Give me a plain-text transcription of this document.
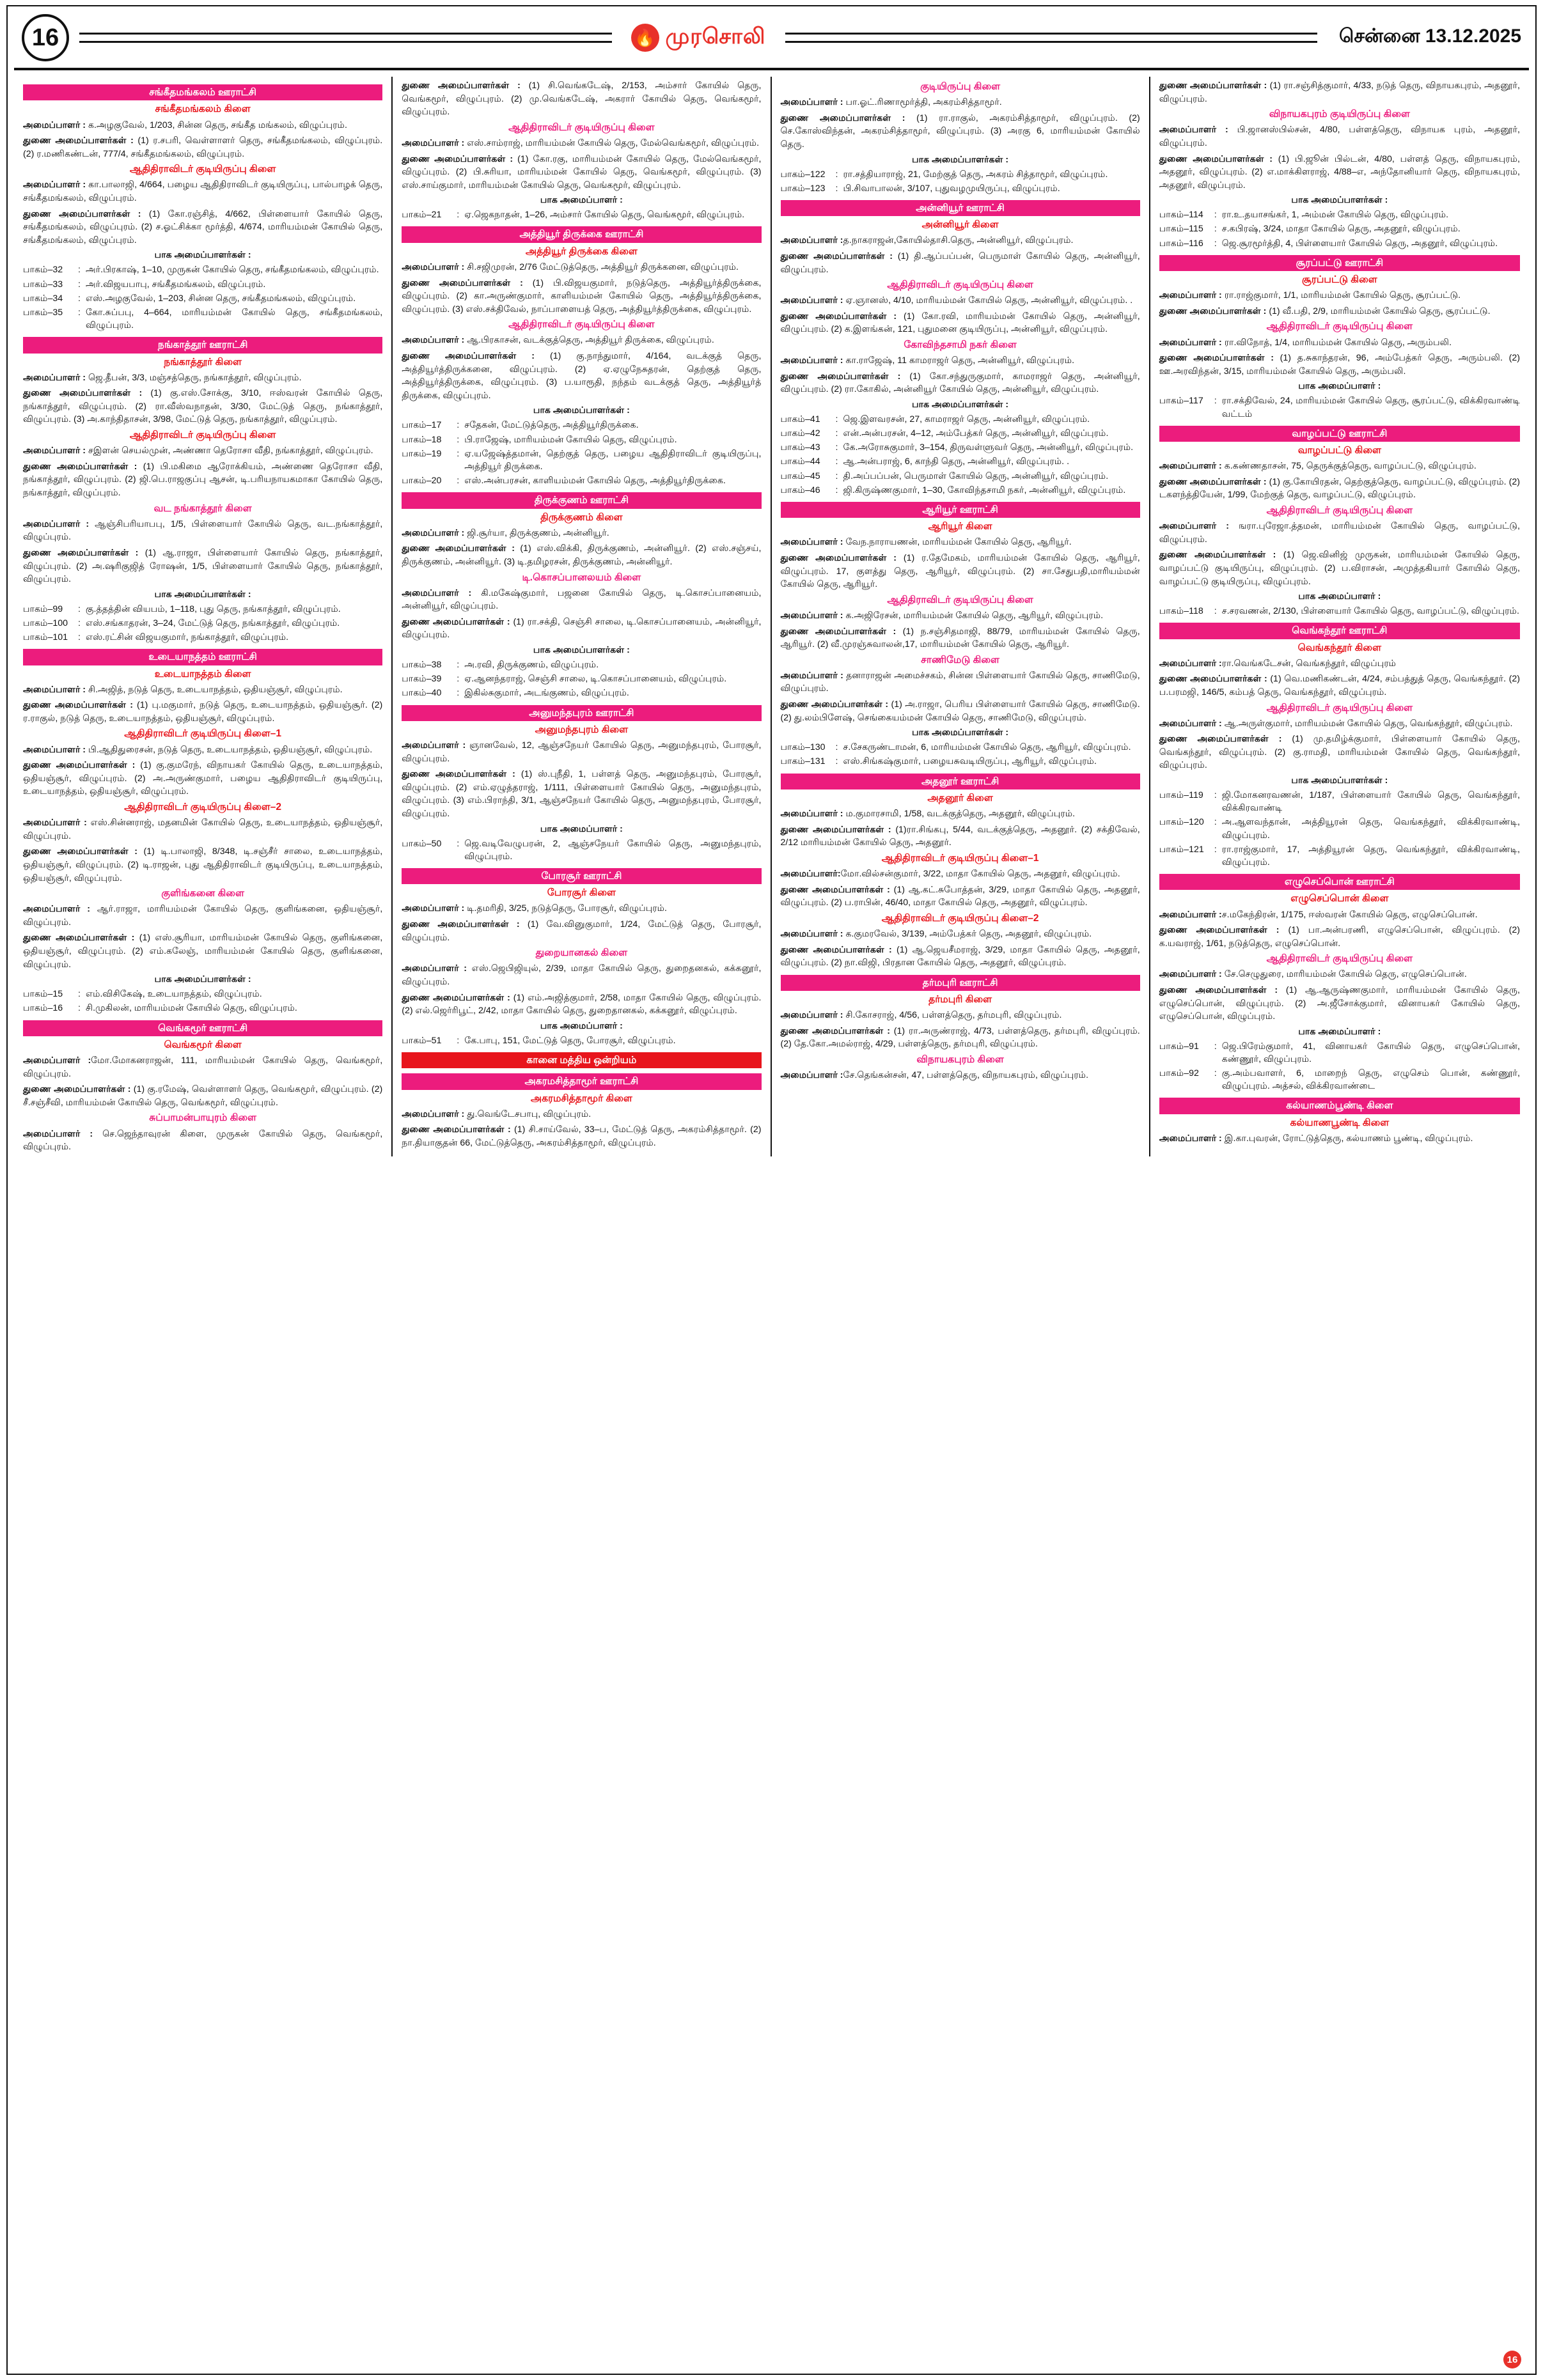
16	🔥 முரசொலி	சென்னை 13.12.2025
சங்கீதமங்கலம் ஊராட்சி
சங்கீதமங்கலம் கிளை

அமைப்பாளர் : க.அழகுவேல், 1/203, சின்ன தெரு, சங்கீத மங்கலம், விழுப்புரம்.

துணை அமைப்பாளர்கள் : (1) ர.சபரி, வெள்ளாளர் தெரு, சங்கீதமங்கலம், விழுப்புரம். (2) ர.மணிகண்டன், 777/4, சங்கீதமங்கலம், விழுப்புரம்.

ஆதிதிராவிடர் குடியிருப்பு கிளை

அமைப்பாளர் : கா.பாலாஜி, 4/664, பழைய ஆதிதிராவிடர் குடியிருப்பு, பால்பாழக் தெரு, சங்கீதமங்கலம், விழுப்புரம்.

துணை அமைப்பாளர்கள் : (1) கோ.ரஞ்சித், 4/662, பிள்ளையார் கோயில் தெரு, சங்கீதமங்கலம், விழுப்புரம். (2) ச.ஓட்சிக்கா மூர்த்தி, 4/674, மாரியம்மன் கோயில் தெரு, சங்கீதமங்கலம், விழுப்புரம்.

பாக அமைப்பாளர்கள் :
பாகம்–32	: அர்.பிரகாஷ், 1–10, முருகன் கோயில் தெரு, சங்கீதமங்கலம், விழுப்புரம்.
பாகம்–33	: அர்.விஜயபாபு, சங்கீதமங்கலம், விழுப்புரம்.
பாகம்–34	: எஸ்.அழகுவேல், 1–203, சின்ன தெரு, சங்கீதமங்கலம், விழுப்புரம்.
பாகம்–35	: கோ.சுப்பபு, 4–664, மாரியம்மன் கோயில் தெரு, சங்கீதமங்கலம், விழுப்புரம்.
நங்காத்தூர் ஊராட்சி
நங்காத்தூர் கிளை

அமைப்பாளர் : ஜெ.தீபன், 3/3, மஞ்சத்தெரு, நங்காத்தூர், விழுப்புரம்.

துணை அமைப்பாளர்கள் : (1) கு.எஸ்.சோக்கு, 3/10, ஈஸ்வரன் கோயில் தெரு, நங்காத்தூர், விழுப்புரம். (2) ரா.வீஸ்வநாதன், 3/30, மேட்டுத் தெரு, நங்காத்தூர், விழுப்புரம். (3) அ.காந்திதாசன், 3/98, மேட்டுத் தெரு, நங்காத்தூர், விழுப்புரம்.

ஆதிதிராவிடர் குடியிருப்பு கிளை

அமைப்பாளர் : சஇளன் செயல்முன், அண்ணா தெரோசா வீதி, நங்காத்தூர், விழுப்புரம்.

துணை அமைப்பாளர்கள் : (1) பி.மகிமை ஆரோக்கியம், அண்ணை தெரோசா வீதி, நங்காத்தூர், விழுப்புரம். (2) ஜி.பெ.ராஜகுப்பு ஆசன், டி.பரியநாயகமாகா கோயில் தெரு, நங்காத்தூர், விழுப்புரம்.

வட நங்காத்தூர் கிளை

அமைப்பாளர் : ஆஞ்சிபரியாபபு, 1/5, பிள்ளையார் கோயில் தெரு, வட.நங்காத்தூர், விழுப்புரம்.

துணை அமைப்பாளர்கள் : (1) ஆ.ராஜா, பிள்ளையார் கோயில் தெரு, நங்காத்தூர், விழுப்புரம். (2) அ.ஷரிகுஜித் ரோஷன், 1/5, பிள்ளையார் கோயில் தெரு, நங்காத்தூர், விழுப்புரம்.

பாக அமைப்பாளர்கள் :
பாகம்–99	: கு.த்தத்தின் வியபம், 1–118, புது தெரு, நங்காத்தூர், விழுப்புரம்.
பாகம்–100	: எஸ்.சங்காதரன், 3–24, மேட்டுத் தெரு, நங்காத்தூர், விழுப்புரம்.
பாகம்–101	: எஸ்.ரட்சின் விஜயகுமார், நங்காத்தூர், விழுப்புரம்.
உடையாநத்தம் ஊராட்சி
உடையாநத்தம் கிளை

அமைப்பாளர் : சி.அஜித், நடுத் தெரு, உடையாநத்தம், ஒதியஞ்சூர், விழுப்புரம்.

துணை அமைப்பாளர்கள் : (1) பு.மகுமார், நடுத் தெரு, உடையாநத்தம், ஒதியஞ்சூர். (2) ர.ராகுல், நடுத் தெரு, உடையாநத்தம், ஒதியஞ்சூர், விழுப்புரம்.

ஆதிதிராவிடர் குடியிருப்பு கிளை–1

அமைப்பாளர் : பி.ஆதிதுரைசன், நடுத் தெரு, உடையாநத்தம், ஒதியஞ்சூர், விழுப்புரம்.

துணை அமைப்பாளர்கள் : (1) கு.குமரேந், விநாயகர் கோயில் தெரு, உடையாநத்தம், ஒதியஞ்சூர், விழுப்புரம். (2) அ.அருண்குமார், பழைய ஆதிதிராவிடர் குடியிருப்பு, உடையாநத்தம், ஒதியஞ்சூர், விழுப்புரம்.

ஆதிதிராவிடர் குடியிருப்பு கிளை–2

அமைப்பாளர் : எஸ்.சின்னராஜ், மதனமின் கோயில் தெரு, உடையாநத்தம், ஒதியஞ்சூர், விழுப்புரம்.

துணை அமைப்பாளர்கள் : (1) டி.பாலாஜி, 8/348, டி.சஞ்சீர் சாலை, உடையாநத்தம், ஒதியஞ்சூர், விழுப்புரம். (2) டி.ராஜன், புது ஆதிதிராவிடர் குடியிருப்பு, உடையாநத்தம், ஒதியஞ்சூர், விழுப்புரம்.

குளிங்கனை கிளை

அமைப்பாளர் : ஆர்.ராஜா, மாரியம்மன் கோயில் தெரு, குளிங்கனை, ஒதியஞ்சூர், விழுப்புரம்.

துணை அமைப்பாளர்கள் : (1) எஸ்.சூரியா, மாரியம்மன் கோயில் தெரு, குளிங்கனை, ஒதியஞ்சூர், விழுப்புரம். (2) எம்.கலேஞ், மாரியம்மன் கோயில் தெரு, குளிங்கனை, விழுப்புரம்.

பாக அமைப்பாளர்கள் :
பாகம்–15	: எம்.விசிகேஷ், உடையாநத்தம், விழுப்புரம்.
பாகம்–16	: சி.முகிலன், மாரியம்மன் கோயில் தெரு, விழுப்புரம்.
வெங்கமூர் ஊராட்சி
வெங்கமூர் கிளை

அமைப்பாளர் :மோ.மோகனராஜன், 111, மாரியம்மன் கோயில் தெரு, வெங்கமூர், விழுப்புரம்.

துணை அமைப்பாளர்கள் : (1) கு.ரமேஷ், வெள்ளாளர் தெரு, வெங்கமூர், விழுப்புரம். (2) சீ.சஞ்சீவி, மாரியம்மன் கோயில் தெரு, வெங்கமூர், விழுப்புரம்.

சுப்பாமன்பாயுரம் கிளை

அமைப்பாளர் : செ.ஜெந்தாவுரன் கிளை, முருகன் கோயில் தெரு, வெங்கமூர், விழுப்புரம்.

துணை அமைப்பாளர்கள் : (1) சி.வெங்கடேஷ், 2/153, அம்சார் கோயில் தெரு, வெங்கமூர், விழுப்புரம். (2) மு.வெங்கடேஷ், அகரார் கோயில் தெரு, வெங்கமூர், விழுப்புரம்.

ஆதிதிராவிடர் குடியிருப்பு கிளை

அமைப்பாளர் : எஸ்.சாம்ராஜ், மாரியம்மன் கோயில் தெரு, மேல்வெங்கமூர், விழுப்புரம்.

துணை அமைப்பாளர்கள் : (1) கோ.ரகு, மாரியம்மன் கோயில் தெரு, மேல்வெங்கமூர், விழுப்புரம். (2) பி.சுரியா, மாரியம்மன் கோயில் தெரு, வெங்கமூர், விழுப்புரம். (3) எஸ்.சாய்குமார், மாரியம்மன் கோயில் தெரு, வெங்கமூர், விழுப்புரம்.

பாக அமைப்பாளர் :
பாகம்–21	: ஏ.ஜெகநாதன், 1–26, அம்சார் கோயில் தெரு, வெங்கமூர், விழுப்புரம்.
அத்தியூர் திருக்கை ஊராட்சி
அத்தியூர் திருக்கை கிளை

அமைப்பாளர் : சி.சஜிமுரன், 2/76 மேட்டுத்தெரு, அத்தியூர் திருக்கனை, விழுப்புரம்.

துணை அமைப்பாளர்கள் : (1) பி.விஜயகுமார், நடுத்தெரு, அத்தியூர்த்திருக்கை, விழுப்புரம். (2) கா.அருண்குமார், காளியம்மன் கோயில் தெரு, அத்தியூர்த்திருக்கை, விழுப்புரம். (3) எஸ்.சக்திவேல், நாப்பாளையத் தெரு, அத்தியூர்த்திருக்கை, விழுப்புரம்.

ஆதிதிராவிடர் குடியிருப்பு கிளை

அமைப்பாளர் : ஆ.பிரகாசன், வடக்குத்தெரு, அத்தியூர் திருக்கை, விழுப்புரம்.

துணை அமைப்பாளர்கள் : (1) கு.நாந்துமார், 4/164, வடக்குத் தெரு, அத்தியூர்த்திருக்கனை, விழுப்புரம். (2) ஏ.ஏழுநேசுதரன், தெற்குத் தெரு, அத்தியூர்த்திருக்கை, விழுப்புரம். (3) ப.யாரூதி, நந்தம் வடக்குத் தெரு, அத்தியூர்த் திருக்கை, விழுப்புரம்.

பாக அமைப்பாளர்கள் :
பாகம்–17	: சதேகன், மேட்டுத்தெரு, அத்தியூர்திருக்கை.
பாகம்–18	: பி.ராஜேஷ், மாரியம்மன் கோயில் தெரு, விழுப்புரம்.
பாகம்–19	: ஏ.யஜேஷ்த்தமான், தெற்குத் தெரு, பழைய ஆதிதிராவிடர் குடியிருப்பு, அத்தியூர் திருக்கை.
பாகம்–20	: எஸ்.அன்பரசன், காளியம்மன் கோயில் தெரு, அத்தியூர்திருக்கை.
திருக்குணம் ஊராட்சி
திருக்குணம் கிளை

அமைப்பாளர் : ஜி.சூர்யா, திருக்குணம், அன்னியூர்.

துணை அமைப்பாளர்கள் : (1) எஸ்.விக்கி, திருக்குணம், அன்னியூர். (2) எஸ்.சஞ்சய், திருக்குணம், அன்னியூர். (3) டி.தமிழரசன், திருக்குணம், அன்னியூர்.

டி.கொசப்பானலயம் கிளை

அமைப்பாளர் : கி.மகேஷ்குமார், பஜனை கோயில் தெரு, டி.கொசப்பானையம், அன்னியூர், விழுப்புரம்.

துணை அமைப்பாளர்கள் : (1) ரா.சக்தி, செஞ்சி சாலை, டி.கொசப்பானையம், அன்னியூர், விழுப்புரம்.

பாக அமைப்பாளர்கள் :
பாகம்–38	: அ.ரவி, திருக்குணம், விழுப்புரம்.
பாகம்–39	: ஏ.ஆனந்தராஜ், செஞ்சி சாலை, டி.கொசப்பானையம், விழுப்புரம்.
பாகம்–40	: இகில்சுகுமார், அடங்குணம், விழுப்புரம்.
அனுமந்தபுரம் ஊராட்சி
அனுமந்தபுரம் கிளை

அமைப்பாளர் : ஞானவேல், 12, ஆஞ்சநேயர் கோயில் தெரு, அனுமந்தபுரம், போரசூர், விழுப்புரம்.

துணை அமைப்பாளர்கள் : (1) ஸ்.புநீதி, 1, பள்ளத் தெரு, அனுமந்தபுரம், போரசூர், விழுப்புரம். (2) எம்.ஏழுத்தராஜ், 1/111, பிள்ளையார் கோயில் தெரு, அனுமந்தபுரம், விழுப்புரம். (3) எம்.பிராந்தி, 3/1, ஆஞ்சநேயர் கோயில் தெரு, அனுமந்தபுரம், போரசூர், விழுப்புரம்.

பாக அமைப்பாளர் :
பாகம்–50	: ஜெ.வடிவேழுபரன், 2, ஆஞ்சநேயர் கோயில் தெரு, அனுமந்தபுரம், விழுப்புரம்.
போரசூர் ஊராட்சி
போரசூர் கிளை

அமைப்பாளர் : டி.தமரிதி, 3/25, நடுத்தெரு, போரசூர், விழுப்புரம்.

துணை அமைப்பாளர்கள் : (1) வே.வினுகுமார், 1/24, மேட்டுத் தெரு, போரசூர், விழுப்புரம்.

துறையானகல் கிளை

அமைப்பாளர் : எஸ்.ஜெபிஜியுல், 2/39, மாதா கோயில் தெரு, துறைதனகல், கக்கனூர், விழுப்புரம்.

துணை அமைப்பாளர்கள் : (1) எம்.அஜித்குமார், 2/58, மாதா கோயில் தெரு, விழுப்புரம். (2) எல்.ஜெர்ரிபூட், 2/42, மாதா கோயில் தெரு, துறைதானகல், கக்கனூர், விழுப்புரம்.

பாக அமைப்பாளர் :
பாகம்–51	: கே.பாபு, 151, மேட்டுத் தெரு, போரசூர், விழுப்புரம்.
கானை மத்திய ஒன்றியம்
அகரமசித்தாமூர் ஊராட்சி
அகரமசித்தாமூர் கிளை

அமைப்பாளர் : து.வெங்டேசபாபு, விழுப்புரம்.

துணை அமைப்பாளர்கள் : (1) சி.சாய்வேல், 33–ப, மேட்டுத் தெரு, அகரம்சித்தாமூர். (2) நா.தியாகுதன் 66, மேட்டுத்தெரு, அகரம்சித்தாமூர், விழுப்புரம்.

குடியிருப்பு கிளை

அமைப்பாளர் : பா.ஓட்.ரிணாமூர்த்தி, அகரம்சித்தாமூர்.

துணை அமைப்பாளர்கள் : (1) ரா.ராகுல், அகரம்சித்தாமூர், விழுப்புரம். (2) செ.கோஸ்விந்தன், அகரம்சித்தாமூர், விழுப்புரம். (3) அரகு 6, மாரியம்மன் கோயில் தெரு.

பாக அமைப்பாளர்கள் :
பாகம்–122	: ரா.சத்தியாராஜ், 21, மேற்குத் தெரு, அகரம் சித்தாமூர், விழுப்புரம்.
பாகம்–123	: பி.சிவாபாலன், 3/107, புதுவழமுயிருப்பு, விழுப்புரம்.
அன்னியூர் ஊராட்சி
அன்னியூர் கிளை

அமைப்பாளர் :த.நாகராஜன்,கோயில்தாசி.தெரு, அன்னியூர், விழுப்புரம்.

துணை அமைப்பாளர்கள் : (1) தி.ஆப்பப்பன், பெருமாள் கோயில் தெரு, அன்னியூர், விழுப்புரம்.

ஆதிதிராவிடர் குடியிருப்பு கிளை

அமைப்பாளர் : ஏ.ஞானஸ், 4/10, மாரியம்மன் கோயில் தெரு, அன்னியூர், விழுப்புரம். .

துணை அமைப்பாளர்கள் : (1) கோ.ரவி, மாரியம்மன் கோயில் தெரு, அன்னியூர், விழுப்புரம். (2) க.இளங்கன், 121, புதுமனை குடியிருப்பு, அன்னியூர், விழுப்புரம்.

கோவிந்தசாமி நகர் கிளை

அமைப்பாளர் : கா.ராஜேஷ், 11 காமராஜர் தெரு, அன்னியூர், விழுப்புரம்.

துணை அமைப்பாளர்கள் : (1) கோ.சந்துருகுமார், காமராஜர் தெரு, அன்னியூர், விழுப்புரம். (2) ரா.கோகில், அன்னியூர் கோயில் தெரு, அன்னியூர், விழுப்புரம்.

பாக அமைப்பாளர்கள் :
பாகம்–41	: ஜெ.இளவரசன், 27, காமராஜர் தெரு, அன்னியூர், விழுப்புரம்.
பாகம்–42	: என்.அன்பரசன், 4–12, அம்பேத்கர் தெரு, அன்னியூர், விழுப்புரம்.
பாகம்–43	: கே.அரோசுகுமார், 3–154, திருவள்ளுவர் தெரு, அன்னியூர், விழுப்புரம்.
பாகம்–44	: ஆ.அன்பராஜ், 6, காந்தி தெரு, அன்னியூர், விழுப்புரம். .
பாகம்–45	: தி.அப்பப்பன், பெருமாள் கோயில் தெரு, அன்னியூர், விழுப்புரம்.
பாகம்–46	: ஜி.கிருஷ்ணகுமார், 1–30, கோவிந்தசாமி நகர், அன்னியூர், விழுப்புரம்.
ஆரியூர் ஊராட்சி
ஆரியூர் கிளை

அமைப்பாளர் : வேந.நாராயணன், மாரியம்மன் கோயில் தெரு, ஆரியூர்.

துணை அமைப்பாளர்கள் : (1) ர.தேமேகம், மாரியம்மன் கோயில் தெரு, ஆரியூர், விழுப்புரம். 17, குளத்து தெரு, ஆரியூர், விழுப்புரம். (2) சா.சேதுபதி,மாரியம்மன் கோயில் தெரு, ஆரியூர்.

ஆதிதிராவிடர் குடியிருப்பு கிளை

அமைப்பாளர் : க.அஜிரேசன், மாரியம்மன் கோயில் தெரு, ஆரியூர், விழுப்புரம்.

துணை அமைப்பாளர்கள் : (1) ந.சஞ்சிதமாஜி, 88/79, மாரியம்மன் கோயில் தெரு, ஆரியூர். (2) வீ.முரஞ்சுவாலன்,17, மாரியம்மன் கோயில் தெரு, ஆரியூர்.

சாணிமேடு கிளை

அமைப்பாளர் : தனாராஜன் அமைச்சகம், சின்ன பிள்ளையார் கோயில் தெரு, சாணிமேடு, விழுப்புரம்.

துணை அமைப்பாளர்கள் : (1) அ.ராஜா, பெரிய பிள்ளையார் கோயில் தெரு, சாணிமேடு. (2) து.லம்பிளேஷ், செங்கையம்மன் கோயில் தெரு, சாணிமேடு, விழுப்புரம்.

பாக அமைப்பாளர்கள் :
பாகம்–130	: ச.சேகருண்டாமன், 6, மாரியம்மன் கோயில் தெரு, ஆரியூர், விழுப்புரம்.
பாகம்–131	: எஸ்.சிங்கஷ்குமார், பழையசுவடியிருப்பு, ஆரியூர், விழுப்புரம்.
அதனூர் ஊராட்சி
அதனூர் கிளை

அமைப்பாளர் : ம.குமாரசாமி, 1/58, வடக்குத்தெரு, அதனூர், விழுப்புரம்.

துணை அமைப்பாளர்கள் : (1)ரா.சிங்கபு, 5/44, வடக்குத்தெரு, அதனூர். (2) சக்திவேல், 2/12 மாரியம்மன் கோயில் தெரு, அதனூர்.

ஆதிதிராவிடர் குடியிருப்பு கிளை–1

அமைப்பாளர்:மோ.வில்சன்குமார், 3/22, மாதா கோயில் தெரு, அதனூர், விழுப்புரம்.

துணை அமைப்பாளர்கள் : (1) ஆ.கட்.சுபோத்தன், 3/29, மாதா கோயில் தெரு, அதனூர், விழுப்புரம். (2) ப.ராபின், 46/40, மாதா கோயில் தெரு, அதனூர், விழுப்புரம்.

ஆதிதிராவிடர் குடியிருப்பு கிளை–2

அமைப்பாளர் : க.குமரவேல், 3/139, அம்பேத்கர் தெரு, அதனூர், விழுப்புரம்.

துணை அமைப்பாளர்கள் : (1) ஆ.ஜெயசீமராஜ், 3/29, மாதா கோயில் தெரு, அதனூர், விழுப்புரம். (2) நா.விஜி, பிரதான கோயில் தெரு, அதனூர், விழுப்புரம்.

தர்மபுரி ஊராட்சி
தர்மபுரி கிளை

அமைப்பாளர் : சி.கோசராஜ், 4/56, பள்ளத்தெரு, தர்மபுரி, விழுப்புரம்.

துணை அமைப்பாளர்கள் : (1) ரா.அருண்ராஜ், 4/73, பள்ளத்தெரு, தர்மபுரி, விழுப்புரம். (2) தே.கோ.அமல்ராஜ், 4/29, பள்ளத்தெரு, தர்மபுரி, விழுப்புரம்.

விநாயகபுரம் கிளை

அமைப்பாளர் :சே.தெங்கன்சன், 47, பள்ளத்தெரு, விநாயகபுரம், விழுப்புரம்.

துணை அமைப்பாளர்கள் : (1) ரா.சஞ்சித்குமார், 4/33, நடுத் தெரு, விநாயகபுரம், அதனூர், விழுப்புரம்.

விநாயகபுரம் குடியிருப்பு கிளை

அமைப்பாளர் : பி.ஜானஸ்பில்சன், 4/80, பள்ளத்தெரு, விநாயக புரம், அதனூர், விழுப்புரம்.

துணை அமைப்பாளர்கள் : (1) பி.ஜூன் பில்டன், 4/80, பள்ளத் தெரு, விநாயகபுரம், அதனூர், விழுப்புரம். (2) எ.மாக்கிளராஜ், 4/88–எ, அந்தோனியார் தெரு, விநாயகபுரம், அதனூர், விழுப்புரம்.

பாக அமைப்பாளர்கள் :
பாகம்–114	: ரா.உ.தயாசங்கர், 1, அம்மன் கோயில் தெரு, விழுப்புரம்.
பாகம்–115	: ச.கபிரஷ், 3/24, மாதா கோயில் தெரு, அதனூர், விழுப்புரம்.
பாகம்–116	: ஜெ.சூரமூர்த்தி, 4, பிள்ளையார் கோயில் தெரு, அதனூர், விழுப்புரம்.
சூரப்பட்டு ஊராட்சி
சூரப்பட்டு கிளை

அமைப்பாளர் : ரா.ராஜ்குமார், 1/1, மாரியம்மன் கோயில் தெரு, சூரப்பட்டு.

துணை அமைப்பாளர்கள் : (1) வீ.பதி, 2/9, மாரியம்மன் கோயில் தெரு, சூரப்பட்டு.

ஆதிதிராவிடர் குடியிருப்பு கிளை

அமைப்பாளர் : ரா.விநோத், 1/4, மாரியம்மன் கோயில் தெரு, அரும்பலி.

துணை அமைப்பாளர்கள் : (1) த.சுகாந்தரன், 96, அம்பேத்கர் தெரு, அரும்பலி. (2) ஊ.அரவிந்தன், 3/15, மாரியம்மன் கோயில் தெரு, அரும்பலி.

பாக அமைப்பாளர் :
பாகம்–117	: ரா.சக்திவேல், 24, மாரியம்மன் கோயில் தெரு, சூரப்பட்டு, விக்கிரவாண்டி வட்டம்
வாழப்பட்டு ஊராட்சி
வாழப்பட்டு கிளை

அமைப்பாளர் : க.கண்ணதாசன், 75, தெருக்குத்தெரு, வாழப்பட்டு, விழுப்புரம்.

துணை அமைப்பாளர்கள் : (1) கு.கோயிரதன், தெற்குத்தெரு, வாழப்பட்டு, விழுப்புரம். (2) டகளந்த்தியேன், 1/99, மேற்குத் தெரு, வாழப்பட்டு, விழுப்புரம்.

ஆதிதிராவிடர் குடியிருப்பு கிளை

அமைப்பாளர் : ஙரா.புரேஜா.த்தமன், மாரியம்மன் கோயில் தெரு, வாழப்பட்டு, விழுப்புரம்.

துணை அமைப்பாளர்கள் : (1) ஜெ.வினிஜ் முருகன், மாரியம்மன் கோயில் தெரு, வாழப்பட்டு குடியிருப்பு, விழுப்புரம். (2) ப.விராசன், அமுத்தகியார் கோயில் தெரு, வாழப்பட்டு குடியிருப்பு, விழுப்புரம்.

பாக அமைப்பாளர் :
பாகம்–118	: ச.சரவணன், 2/130, பிள்ளையார் கோயில் தெரு, வாழப்பட்டு, விழுப்புரம்.
வெங்கந்தூர் ஊராட்சி
வெங்கந்தூர் கிளை

அமைப்பாளர் :ரா.வெங்கடேசன், வெங்கந்தூர், விழுப்புரம்

துணை அமைப்பாளர்கள் : (1) வெ.மணிகண்டன், 4/24, சம்பத்துத் தெரு, வெங்கந்தூர். (2) ப.பரமஜி, 146/5, கம்பத் தெரு, வெங்கந்தூர், விழுப்புரம்.

ஆதிதிராவிடர் குடியிருப்பு கிளை

அமைப்பாளர் : ஆ.அருள்குமார், மாரியம்மன் கோயில் தெரு, வெங்கந்தூர், விழுப்புரம்.

துணை அமைப்பாளர்கள் : (1) மு.தமிழ்க்குமார், பிள்ளையார் கோயில் தெரு, வெங்கந்தூர், விழுப்புரம். (2) கு.ராமதி, மாரியம்மன் கோயில் தெரு, வெங்கந்தூர், விழுப்புரம்.

பாக அமைப்பாளர்கள் :
பாகம்–119	: ஜி.மோகனரவணன், 1/187, பிள்ளையார் கோயில் தெரு, வெங்கந்தூர், விக்கிரவாண்டி
பாகம்–120	: அ.ஆளவந்தான், அத்தியூரன் தெரு, வெங்கந்தூர், விக்கிரவாண்டி, விழுப்புரம்.
பாகம்–121	: ரா.ராஜ்குமார், 17, அத்தியூரன் தெரு, வெங்கந்தூர், விக்கிரவாண்டி, விழுப்புரம்.
எழுசெப்பொன் ஊராட்சி
எழுசெப்பொன் கிளை

அமைப்பாளர் :ச.மகேந்திரன், 1/175, ஈஸ்வரன் கோயில் தெரு, எழுசெப்பொன்.

துணை அமைப்பாளர்கள் : (1) பா.அன்பரணி, எழுசெப்பொன், விழுப்புரம். (2) க.யவராஜ், 1/61, நடுத்தெரு, எழுசெப்பொன்.

ஆதிதிராவிடர் குடியிருப்பு கிளை

அமைப்பாளர் : சே.செழுதுரை, மாரியம்மன் கோயில் தெரு, எழுசெப்பொன்.

துணை அமைப்பாளர்கள் : (1) ஆ.ஆருஷ்ணகுமார், மாரியம்மன் கோயில் தெரு, எழுசெப்பொன், விழுப்புரம். (2) அ.ஜீசோக்குமார், வினாயகர் கோயில் தெரு, எழுசெப்பொன், விழுப்புரம்.

பாக அமைப்பாளர் :
பாகம்–91	: ஜெ.பிரேம்குமார், 41, வினாயகர் கோயில் தெரு, எழுசெப்பொன், கண்ணூர், விழுப்புரம்.
பாகம்–92	: கு.அம்பவாளர், 6, மாறைந் தெரு, எழுசெம் பொன், கண்ணூர், விழுப்புரம். அத்சல், விக்கிரவாண்டை
கல்யாணம்பூண்டி கிளை
கல்யாணபூண்டி கிளை

அமைப்பாளர் : இ.கா.புவரன், ரோட்டுத்தெரு, கல்யாணம் பூண்டி, விழுப்புரம்.

16
